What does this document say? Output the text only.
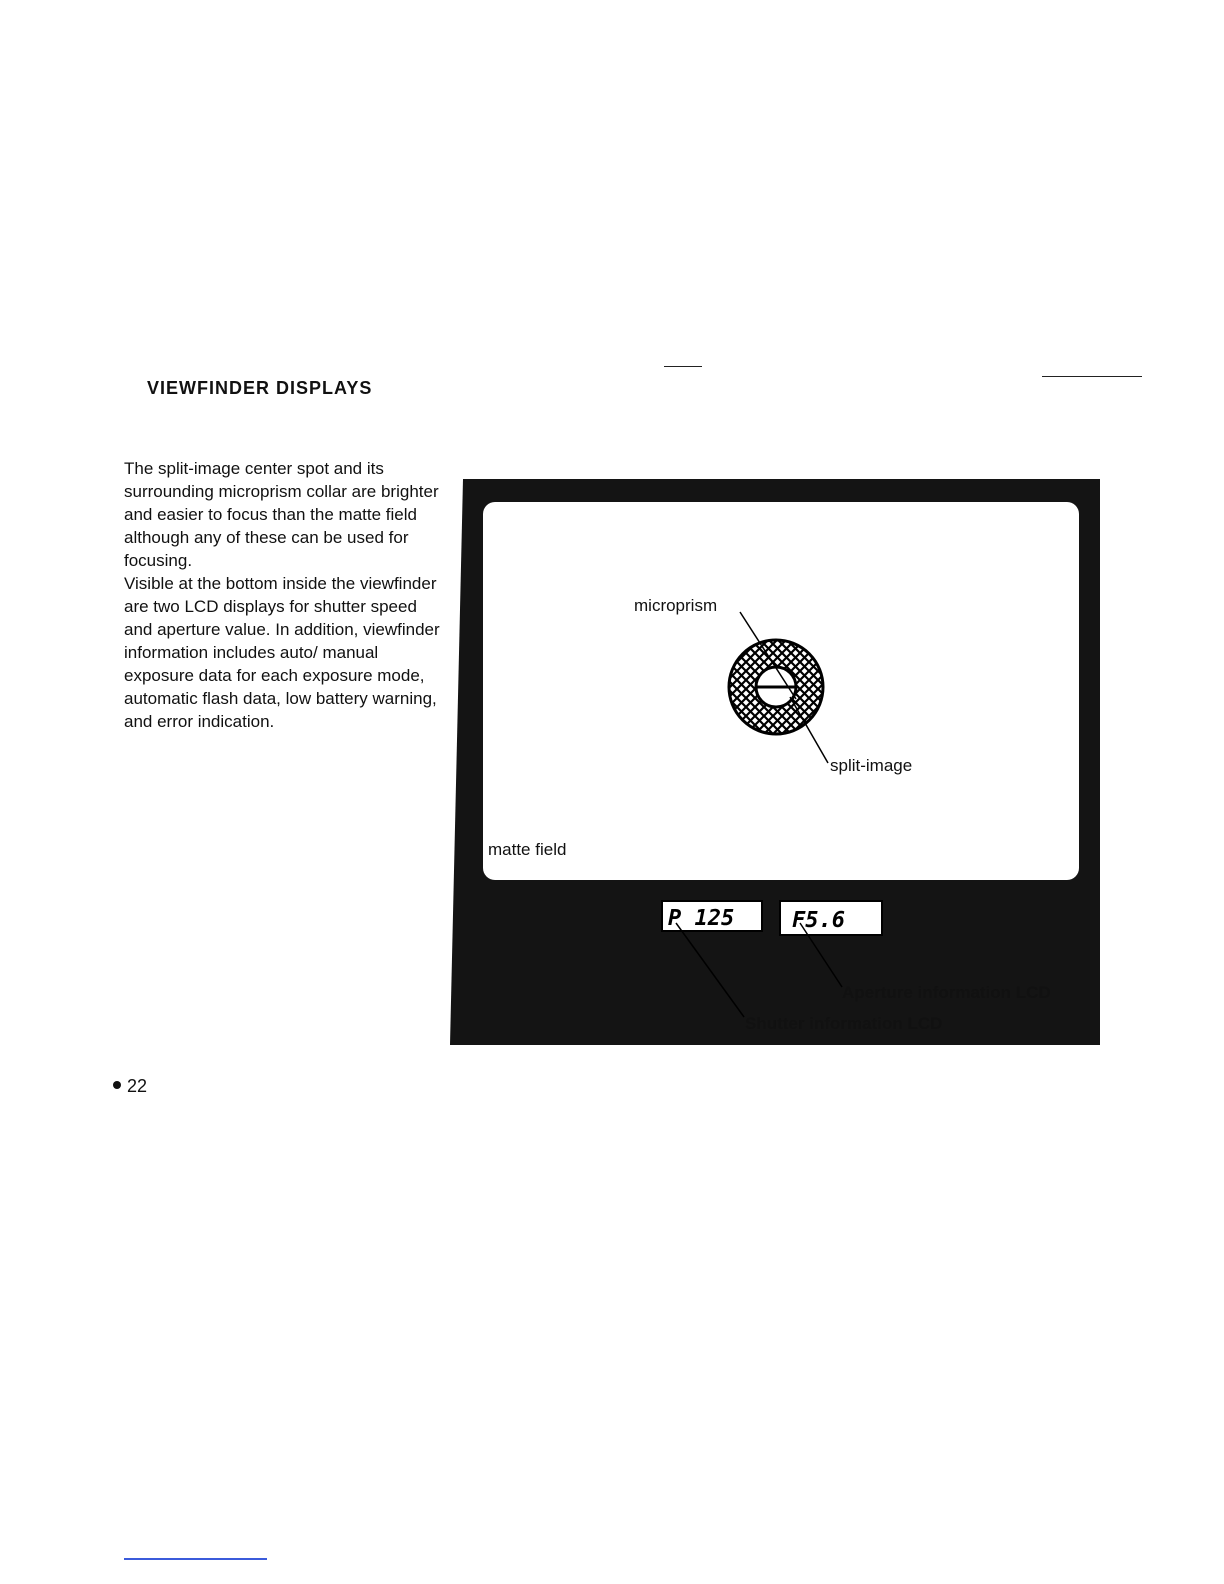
VIEWFINDER DISPLAYS

The split-image center spot and its surrounding microprism collar are brighter and easier to focus than the matte field although any of these can be used for focusing.

Visible at the bottom inside the viewfinder are two LCD displays for shutter speed and aperture value. In addition, viewfinder information includes auto/ manual exposure data for each exposure mode, automatic flash data, low battery warning, and error indication.

microprism
split-image
matte field
P 125	F5.6
Aperture information LCD
Shutter information LCD
22
